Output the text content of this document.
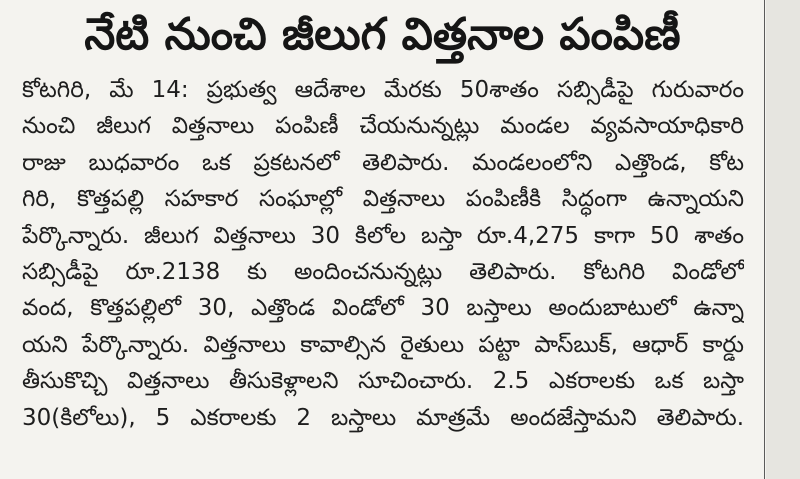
నేటి నుంచి జీలుగ విత్తనాల పంపిణీ
కోటగిరి, మే 14: ప్రభుత్వ ఆదేశాల మేరకు 50శాతం సబ్సిడీపై గురువారం
నుంచి జీలుగ విత్తనాలు పంపిణీ చేయనున్నట్లు మండల వ్యవసాయాధికారి
రాజు బుధవారం ఒక ప్రకటనలో తెలిపారు. మండలంలోని ఎత్తొండ, కోట
గిరి, కొత్తపల్లి సహకార సంఘాల్లో విత్తనాలు పంపిణీకి సిద్ధంగా ఉన్నాయని
పేర్కొన్నారు. జీలుగ విత్తనాలు 30 కిలోల బస్తా రూ.4,275 కాగా 50 శాతం
సబ్సిడీపై రూ.2138 కు అందించనున్నట్లు తెలిపారు. కోటగిరి విండోలో
వంద, కొత్తపల్లిలో 30, ఎత్తొండ విండోలో 30 బస్తాలు అందుబాటులో ఉన్నా
యని పేర్కొన్నారు. విత్తనాలు కావాల్సిన రైతులు పట్టా పాస్‌బుక్, ఆధార్ కార్డు
తీసుకొచ్చి విత్తనాలు తీసుకెళ్లాలని సూచించారు. 2.5 ఎకరాలకు ఒక బస్తా
30(కిలోలు), 5 ఎకరాలకు 2 బస్తాలు మాత్రమే అందజేస్తామని తెలిపారు.
